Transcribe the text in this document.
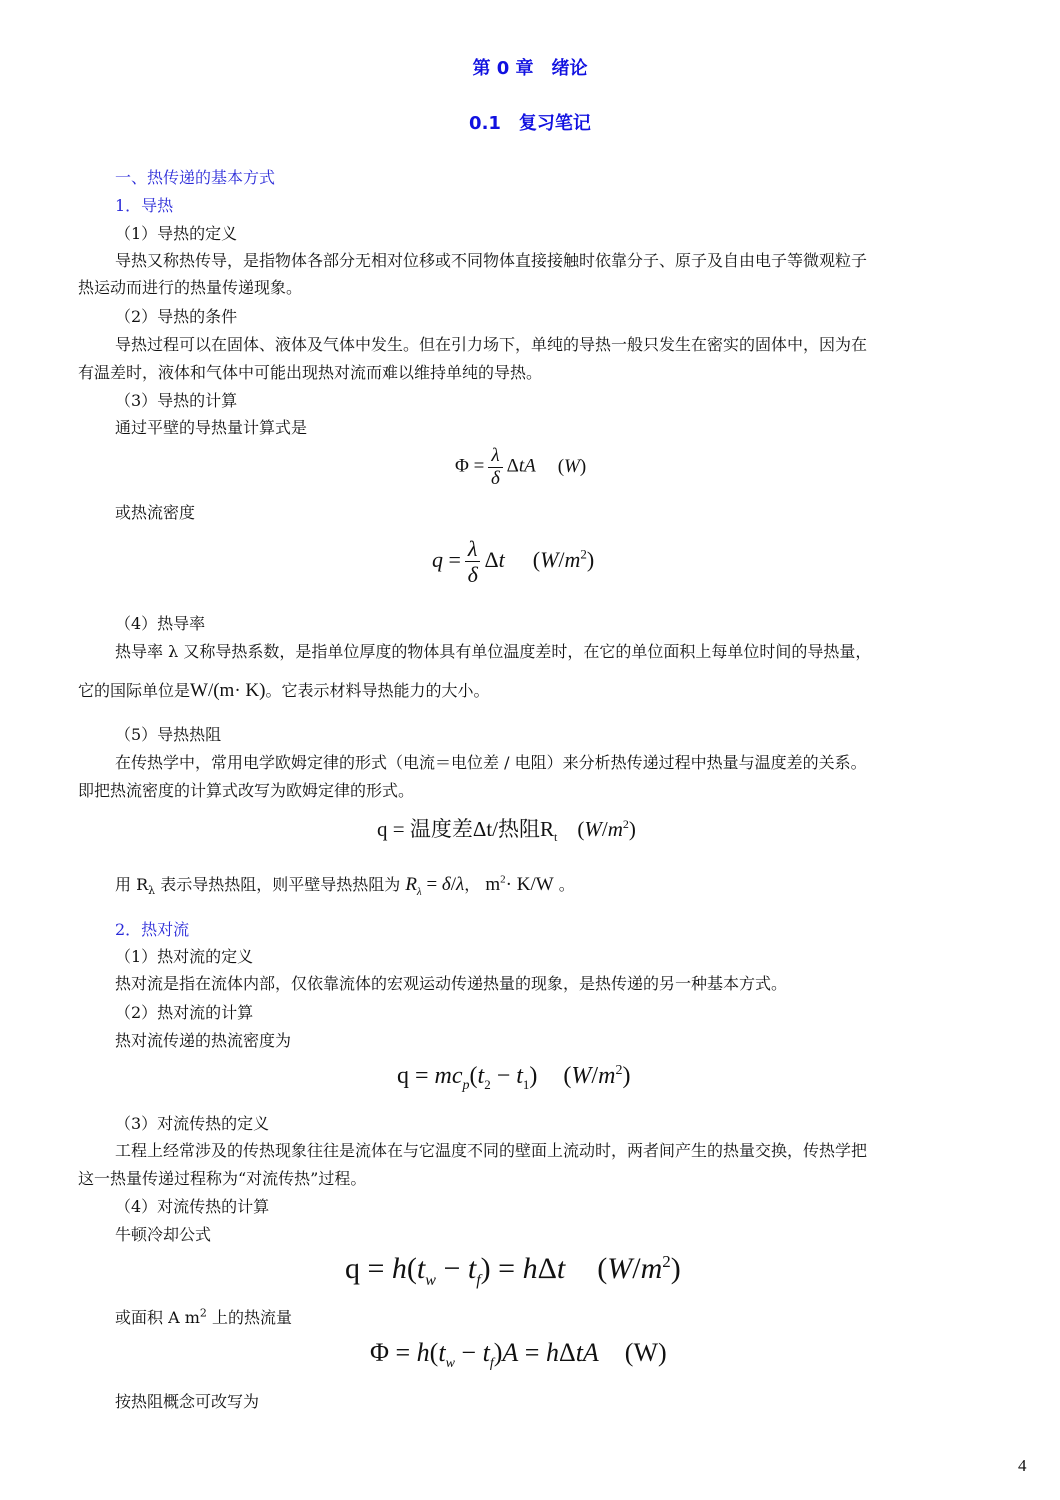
第 0 章　绪论
0.1　复习笔记
一、热传递的基本方式
1．导热
（1）导热的定义
导热又称热传导，是指物体各部分无相对位移或不同物体直接接触时依靠分子、原子及自由电子等微观粒子
热运动而进行的热量传递现象。
（2）导热的条件
导热过程可以在固体、液体及气体中发生。但在引力场下，单纯的导热一般只发生在密实的固体中，因为在
有温差时，液体和气体中可能出现热对流而难以维持单纯的导热。
（3）导热的计算
通过平壁的导热量计算式是
$\Phi = \frac{\lambda}{\delta}$ ΔtA (W)
或热流密度
$q = \frac{\lambda}{\delta}$ Δt $(W/m^2)$
（4）热导率
热导率 λ 又称导热系数，是指单位厚度的物体具有单位温度差时，在它的单位面积上每单位时间的导热量，
它的国际单位是W/(m· K)。它表示材料导热能力的大小。
（5）导热热阻
在传热学中，常用电学欧姆定律的形式（电流＝电位差 / 电阻）来分析热传递过程中热量与温度差的关系。
即把热流密度的计算式改写为欧姆定律的形式。
q = 温度差Δt/热阻$R_t$ $(W/m^2)$
用 $R_\lambda$ 表示导热热阻，则平壁导热热阻为 $R_\lambda = \delta/\lambda$， $m^2\cdot K/W$ 。
2．热对流
（1）热对流的定义
热对流是指在流体内部，仅依靠流体的宏观运动传递热量的现象，是热传递的另一种基本方式。
（2）热对流的计算
热对流传递的热流密度为
$q = mc_p(t_2 - t_1)$ $(W/m^2)$
（3）对流传热的定义
工程上经常涉及的传热现象往往是流体在与它温度不同的壁面上流动时，两者间产生的热量交换，传热学把
这一热量传递过程称为“对流传热”过程。
（4）对流传热的计算
牛顿冷却公式
$q = h(t_w - t_f) = h\Delta t$ $(W/m^2)$
或面积 A $m^2$ 上的热流量
$\Phi = h(t_w - t_f)A = h\Delta tA$ (W)
按热阻概念可改写为
4
